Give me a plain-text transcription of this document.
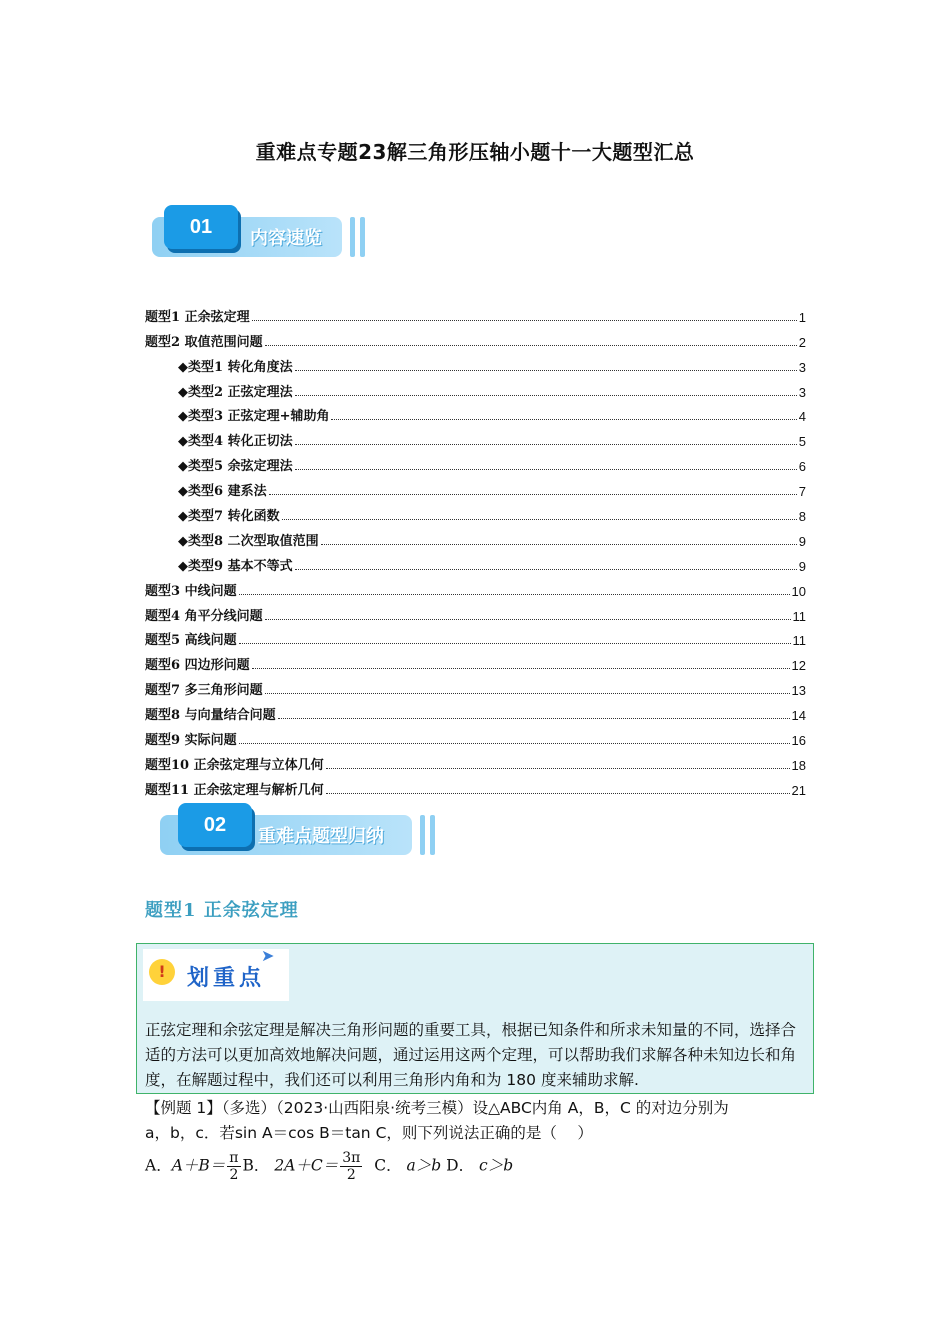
重难点专题23解三角形压轴小题十一大题型汇总
01
内容速览
题型1 正余弦定理	1
题型2 取值范围问题	2
◆类型1 转化角度法	3
◆类型2 正弦定理法	3
◆类型3 正弦定理+辅助角	4
◆类型4 转化正切法	5
◆类型5 余弦定理法	6
◆类型6 建系法	7
◆类型7 转化函数	8
◆类型8 二次型取值范围	9
◆类型9 基本不等式	9
题型3 中线问题	10
题型4 角平分线问题	11
题型5 高线问题	11
题型6 四边形问题	12
题型7 多三角形问题	13
题型8 与向量结合问题	14
题型9 实际问题	16
题型10 正余弦定理与立体几何	18
题型11 正余弦定理与解析几何	21
02
重难点题型归纳
题型1 正余弦定理
! 划重点
➤
正弦定理和余弦定理是解决三角形问题的重要工具，根据已知条件和所求未知量的不同，选择合适的方法可以更加高效地解决问题，通过运用这两个定理，可以帮助我们求解各种未知边长和角度，在解题过程中，我们还可以利用三角形内角和为 180 度来辅助求解.
【例题 1】（多选）（2023·山西阳泉·统考三模）设△ABC内角 A，B，C 的对边分别为
a，b，c．若sin A＝cos B＝tan C，则下列说法正确的是（　 ）
A．$A+B= \frac{\pi}{2}$ B． $2A+C= \frac{3\pi}{2}$ C． a＞b D． c＞b
